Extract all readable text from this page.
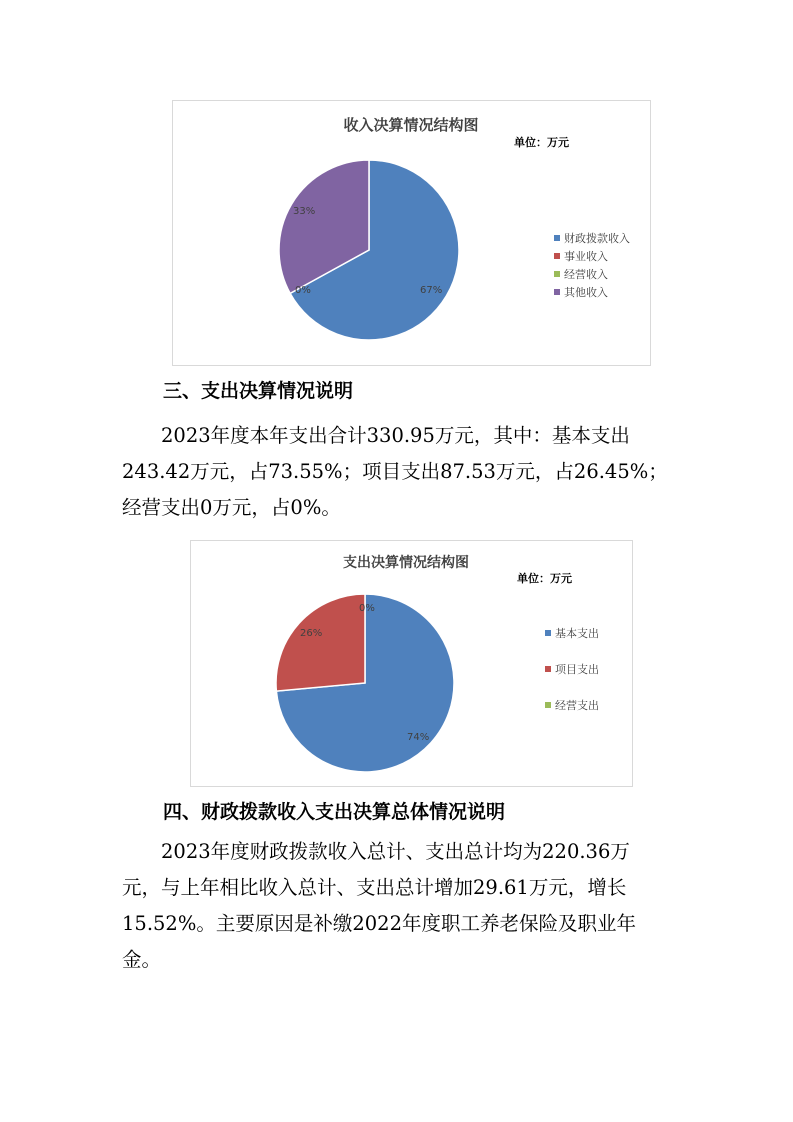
收入决算情况结构图
单位：万元
67%
0%
33%
财政拨款收入
事业收入
经营收入
其他收入
三、支出决算情况说明

2023年度本年支出合计330.95万元，其中：基本支出
243.42万元，占73.55%；项目支出87.53万元，占26.45%；
经营支出0万元，占0%。

支出决算情况结构图
单位：万元
74%
26%
0%
基本支出
项目支出
经营支出
四、财政拨款收入支出决算总体情况说明

2023年度财政拨款收入总计、支出总计均为220.36万
元，与上年相比收入总计、支出总计增加29.61万元，增长
15.52%。主要原因是补缴2022年度职工养老保险及职业年
金。
